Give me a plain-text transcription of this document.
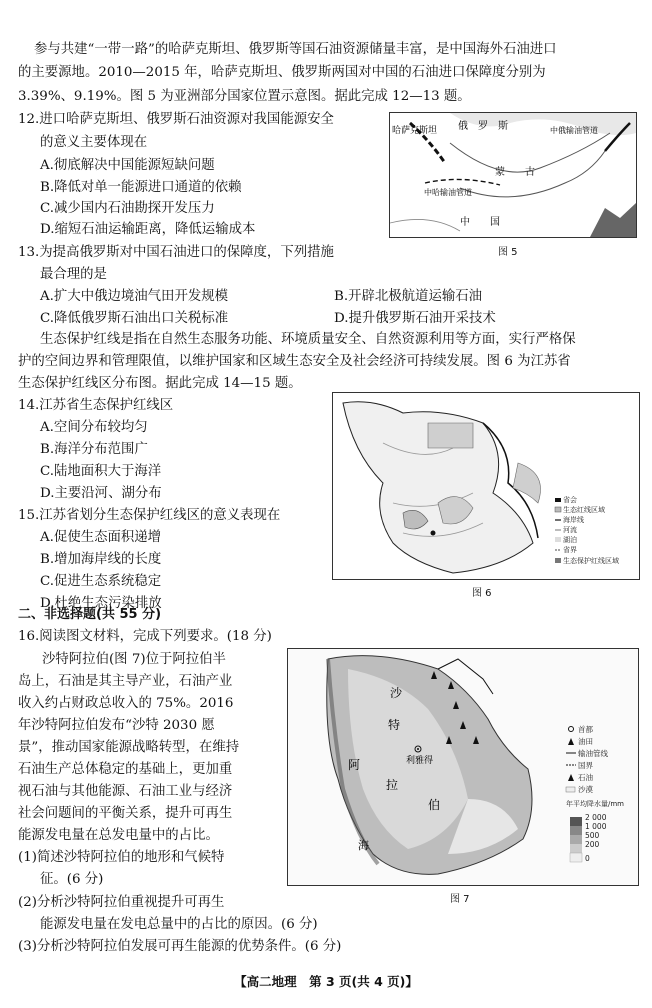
参与共建“一带一路”的哈萨克斯坦、俄罗斯等国石油资源储量丰富，是中国海外石油进口
的主要源地。2010—2015 年，哈萨克斯坦、俄罗斯两国对中国的石油进口保障度分别为
3.39%、9.19%。图 5 为亚洲部分国家位置示意图。据此完成 12—13 题。
12.进口哈萨克斯坦、俄罗斯石油资源对我国能源安全
的意义主要体现在
A.彻底解决中国能源短缺问题
B.降低对单一能源进口通道的依赖
C.减少国内石油勘探开发压力
D.缩短石油运输距离，降低运输成本
哈萨克斯坦 俄　罗　斯	中俄输油管道
蒙　　古
中哈输油管道
中　　国
图 5
13.为提高俄罗斯对中国石油进口的保障度，下列措施
最合理的是
A.扩大中俄边境油气田开发规模	B.开辟北极航道运输石油
C.降低俄罗斯石油出口关税标准	D.提升俄罗斯石油开采技术
生态保护红线是指在自然生态服务功能、环境质量安全、自然资源利用等方面，实行严格保
护的空间边界和管理限值，以维护国家和区域生态安全及社会经济可持续发展。图 6 为江苏省
生态保护红线区分布图。据此完成 14—15 题。
14.江苏省生态保护红线区
A.空间分布较均匀
B.海洋分布范围广
C.陆地面积大于海洋
D.主要沿河、湖分布
15.江苏省划分生态保护红线区的意义表现在
A.促使生态面积递增
B.增加海岸线的长度
C.促进生态系统稳定
D.杜绝生态污染排放
省会
生态红线区域
海岸线
河流
湖泊
省界
生态保护红线区域
图 6
二、非选择题(共 55 分)
16.阅读图文材料，完成下列要求。(18 分)
沙特阿拉伯(图 7)位于阿拉伯半
岛上，石油是其主导产业，石油产业
收入约占财政总收入的 75%。2016
年沙特阿拉伯发布“沙特 2030 愿
景”，推动国家能源战略转型，在维持
石油生产总体稳定的基础上，更加重
视石油与其他能源、石油工业与经济
社会问题间的平衡关系，提升可再生
能源发电量在总发电量中的占比。
(1)简述沙特阿拉伯的地形和气候特
征。(6 分)
(2)分析沙特阿拉伯重视提升可再生
能源发电量在发电总量中的占比的原因。(6 分)
(3)分析沙特阿拉伯发展可再生能源的优势条件。(6 分)
沙
特
阿	利雅得
拉
伯
海
首都
油田
输油管线
国界
石油
沙漠
年平均降水量/mm
2 000
1 000
500
200
0
图 7
【高二地理　第 3 页(共 4 页)】
